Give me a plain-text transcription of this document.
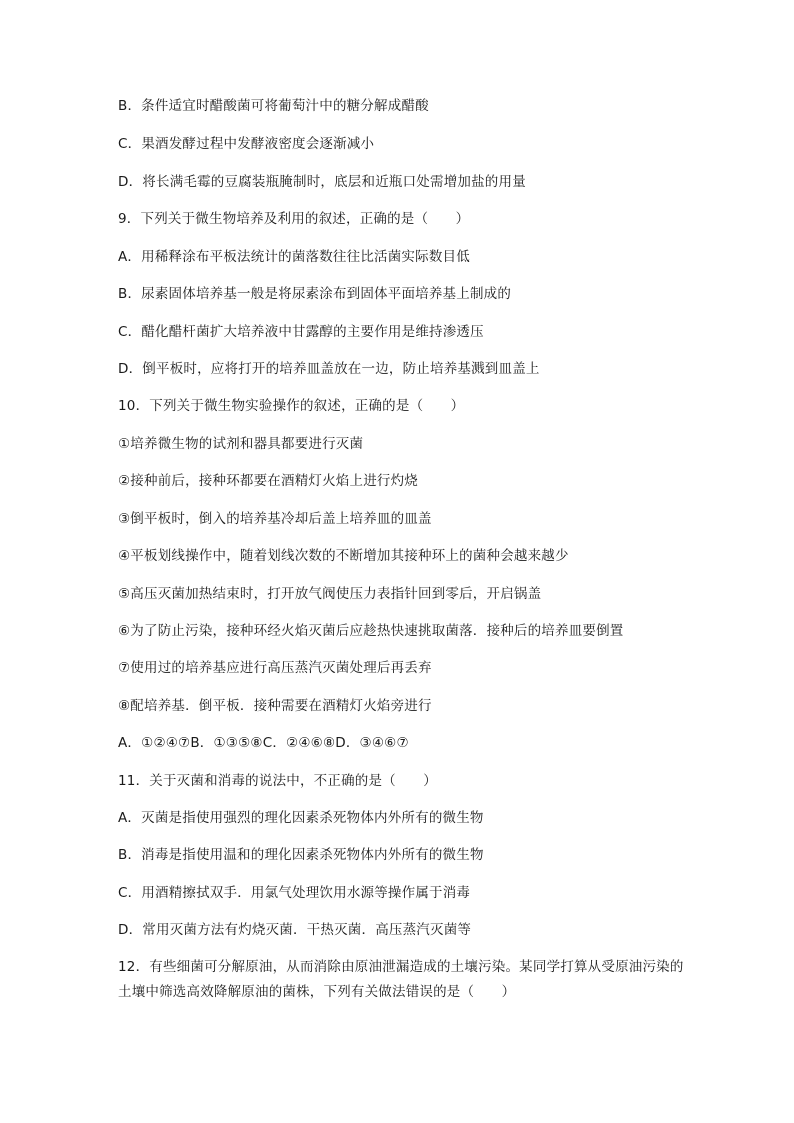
B．条件适宜时醋酸菌可将葡萄汁中的糖分解成醋酸
C．果酒发酵过程中发酵液密度会逐渐减小
D．将长满毛霉的豆腐装瓶腌制时，底层和近瓶口处需增加盐的用量
9．下列关于微生物培养及利用的叙述，正确的是（　　）
A．用稀释涂布平板法统计的菌落数往往比活菌实际数目低
B．尿素固体培养基一般是将尿素涂布到固体平面培养基上制成的
C．醋化醋杆菌扩大培养液中甘露醇的主要作用是维持渗透压
D．倒平板时，应将打开的培养皿盖放在一边，防止培养基溅到皿盖上
10．下列关于微生物实验操作的叙述，正确的是（　　）
①培养微生物的试剂和器具都要进行灭菌
②接种前后，接种环都要在酒精灯火焰上进行灼烧
③倒平板时，倒入的培养基冷却后盖上培养皿的皿盖
④平板划线操作中，随着划线次数的不断增加其接种环上的菌种会越来越少
⑤高压灭菌加热结束时，打开放气阀使压力表指针回到零后，开启锅盖
⑥为了防止污染，接种环经火焰灭菌后应趁热快速挑取菌落．接种后的培养皿要倒置
⑦使用过的培养基应进行高压蒸汽灭菌处理后再丢弃
⑧配培养基．倒平板．接种需要在酒精灯火焰旁进行
A．①②④⑦B．①③⑤⑧C．②④⑥⑧D．③④⑥⑦
11．关于灭菌和消毒的说法中，不正确的是（　　）
A．灭菌是指使用强烈的理化因素杀死物体内外所有的微生物
B．消毒是指使用温和的理化因素杀死物体内外所有的微生物
C．用酒精擦拭双手．用氯气处理饮用水源等操作属于消毒
D．常用灭菌方法有灼烧灭菌．干热灭菌．高压蒸汽灭菌等
12．有些细菌可分解原油，从而消除由原油泄漏造成的土壤污染。某同学打算从受原油污染的土壤中筛选高效降解原油的菌株，下列有关做法错误的是（　　）
